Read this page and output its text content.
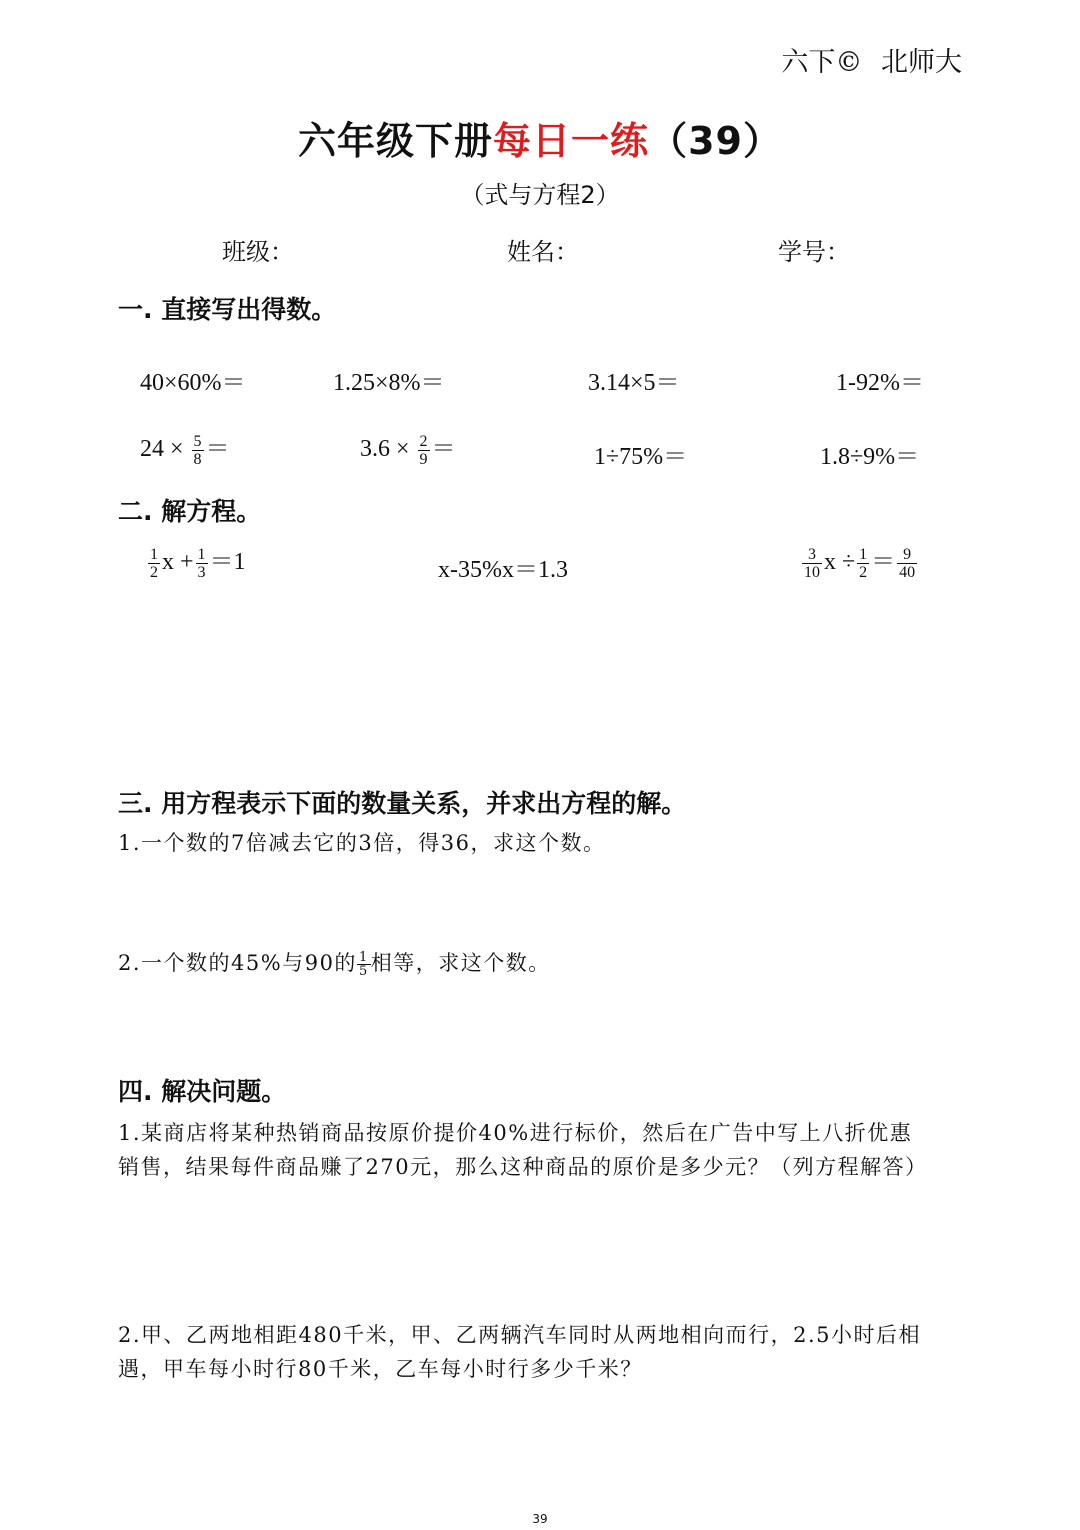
六下© 北师大
六年级下册每日一练（39）
（式与方程2）
班级：	姓名：	学号：
一. 直接写出得数。
40×60%＝	1.25×8%＝	3.14×5＝	1-92%＝
$24 \times \frac{5}{8}$ ＝	$3.6 \times \frac{2}{9}$ ＝	1÷75%＝	1.8÷9%＝
二. 解方程。
$\frac{1}{2}$ $x + \frac{1}{3} =1$	x-35%x＝1.3	$\frac{3}{10}$ $x \div \frac{1}{2} = \frac{9}{40}$
三. 用方程表示下面的数量关系，并求出方程的解。
1.一个数的7倍减去它的3倍，得36，求这个数。
2.一个数的45%与90的 $\frac{1}{5}$ 相等，求这个数。
四. 解决问题。
1.某商店将某种热销商品按原价提价40%进行标价，然后在广告中写上八折优惠
销售，结果每件商品赚了270元，那么这种商品的原价是多少元？（列方程解答）
2.甲、乙两地相距480千米，甲、乙两辆汽车同时从两地相向而行，2.5小时后相
遇，甲车每小时行80千米，乙车每小时行多少千米？
39
